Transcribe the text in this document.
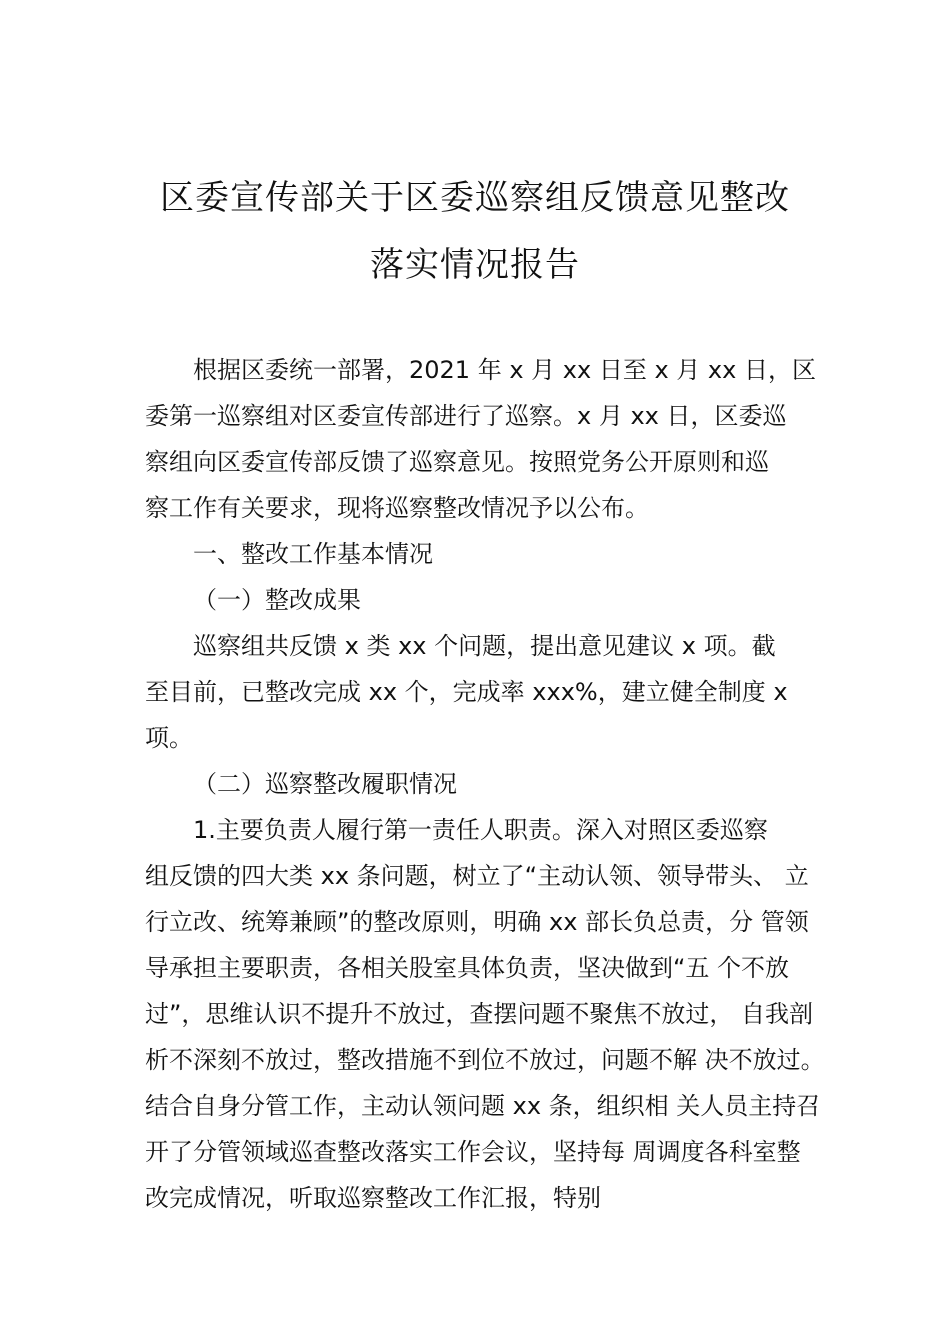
区委宣传部关于区委巡察组反馈意见整改
落实情况报告
根据区委统一部署，2021 年 x 月 xx 日至 x 月 xx 日，区
委第一巡察组对区委宣传部进行了巡察。x 月 xx 日，区委巡
察组向区委宣传部反馈了巡察意见。按照党务公开原则和巡
察工作有关要求，现将巡察整改情况予以公布。
一、整改工作基本情况
（一）整改成果
巡察组共反馈 x 类 xx 个问题，提出意见建议 x 项。截
至目前，已整改完成 xx 个，完成率 xxx%，建立健全制度 x
项。
（二）巡察整改履职情况
1.主要负责人履行第一责任人职责。深入对照区委巡察
组反馈的四大类 xx 条问题，树立了“主动认领、领导带头、 立
行立改、统筹兼顾”的整改原则，明确 xx 部长负总责，分 管领
导承担主要职责，各相关股室具体负责，坚决做到“五 个不放
过”，思维认识不提升不放过，查摆问题不聚焦不放过， 自我剖
析不深刻不放过，整改措施不到位不放过，问题不解 决不放过。
结合自身分管工作，主动认领问题 xx 条，组织相 关人员主持召
开了分管领域巡查整改落实工作会议，坚持每 周调度各科室整
改完成情况，听取巡察整改工作汇报，特别
